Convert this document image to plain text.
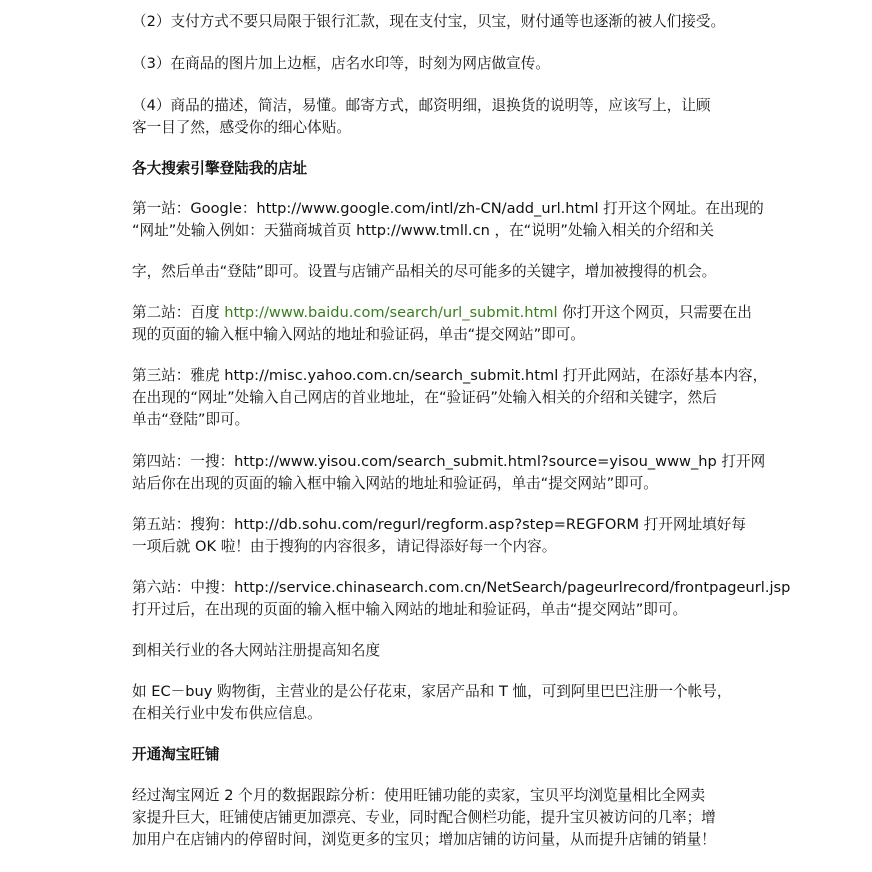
（2）支付方式不要只局限于银行汇款，现在支付宝，贝宝，财付通等也逐渐的被人们接受。
（3）在商品的图片加上边框，店名水印等，时刻为网店做宣传。
（4）商品的描述，简洁，易懂。邮寄方式，邮资明细，退换货的说明等，应该写上，让顾
客一目了然，感受你的细心体贴。
各大搜索引擎登陆我的店址
第一站：Google：http://www.google.com/intl/zh-CN/add_url.html 打开这个网址。在出现的
“网址”处输入例如：天猫商城首页 http://www.tmll.cn ，在“说明”处输入相关的介绍和关
字，然后单击“登陆”即可。设置与店铺产品相关的尽可能多的关键字，增加被搜得的机会。
第二站：百度 http://www.baidu.com/search/url_submit.html 你打开这个网页，只需要在出
现的页面的输入框中输入网站的地址和验证码，单击“提交网站”即可。
第三站：雅虎 http://misc.yahoo.com.cn/search_submit.html 打开此网站，在添好基本内容，
在出现的“网址”处输入自己网店的首业地址，在“验证码”处输入相关的介绍和关键字，然后
单击“登陆”即可。
第四站：一搜：http://www.yisou.com/search_submit.html?source=yisou_www_hp 打开网
站后你在出现的页面的输入框中输入网站的地址和验证码，单击“提交网站”即可。
第五站：搜狗：http://db.sohu.com/regurl/regform.asp?step=REGFORM 打开网址填好每
一项后就 OK 啦！由于搜狗的内容很多，请记得添好每一个内容。
第六站：中搜：http://service.chinasearch.com.cn/NetSearch/pageurlrecord/frontpageurl.jsp
打开过后，在出现的页面的输入框中输入网站的地址和验证码，单击“提交网站”即可。
到相关行业的各大网站注册提高知名度
如 EC－buy 购物街，主营业的是公仔花束，家居产品和 T 恤，可到阿里巴巴注册一个帐号，
在相关行业中发布供应信息。
开通淘宝旺铺
经过淘宝网近 2 个月的数据跟踪分析：使用旺铺功能的卖家，宝贝平均浏览量相比全网卖
家提升巨大，旺铺使店铺更加漂亮、专业，同时配合侧栏功能，提升宝贝被访问的几率；增
加用户在店铺内的停留时间，浏览更多的宝贝；增加店铺的访问量，从而提升店铺的销量！
